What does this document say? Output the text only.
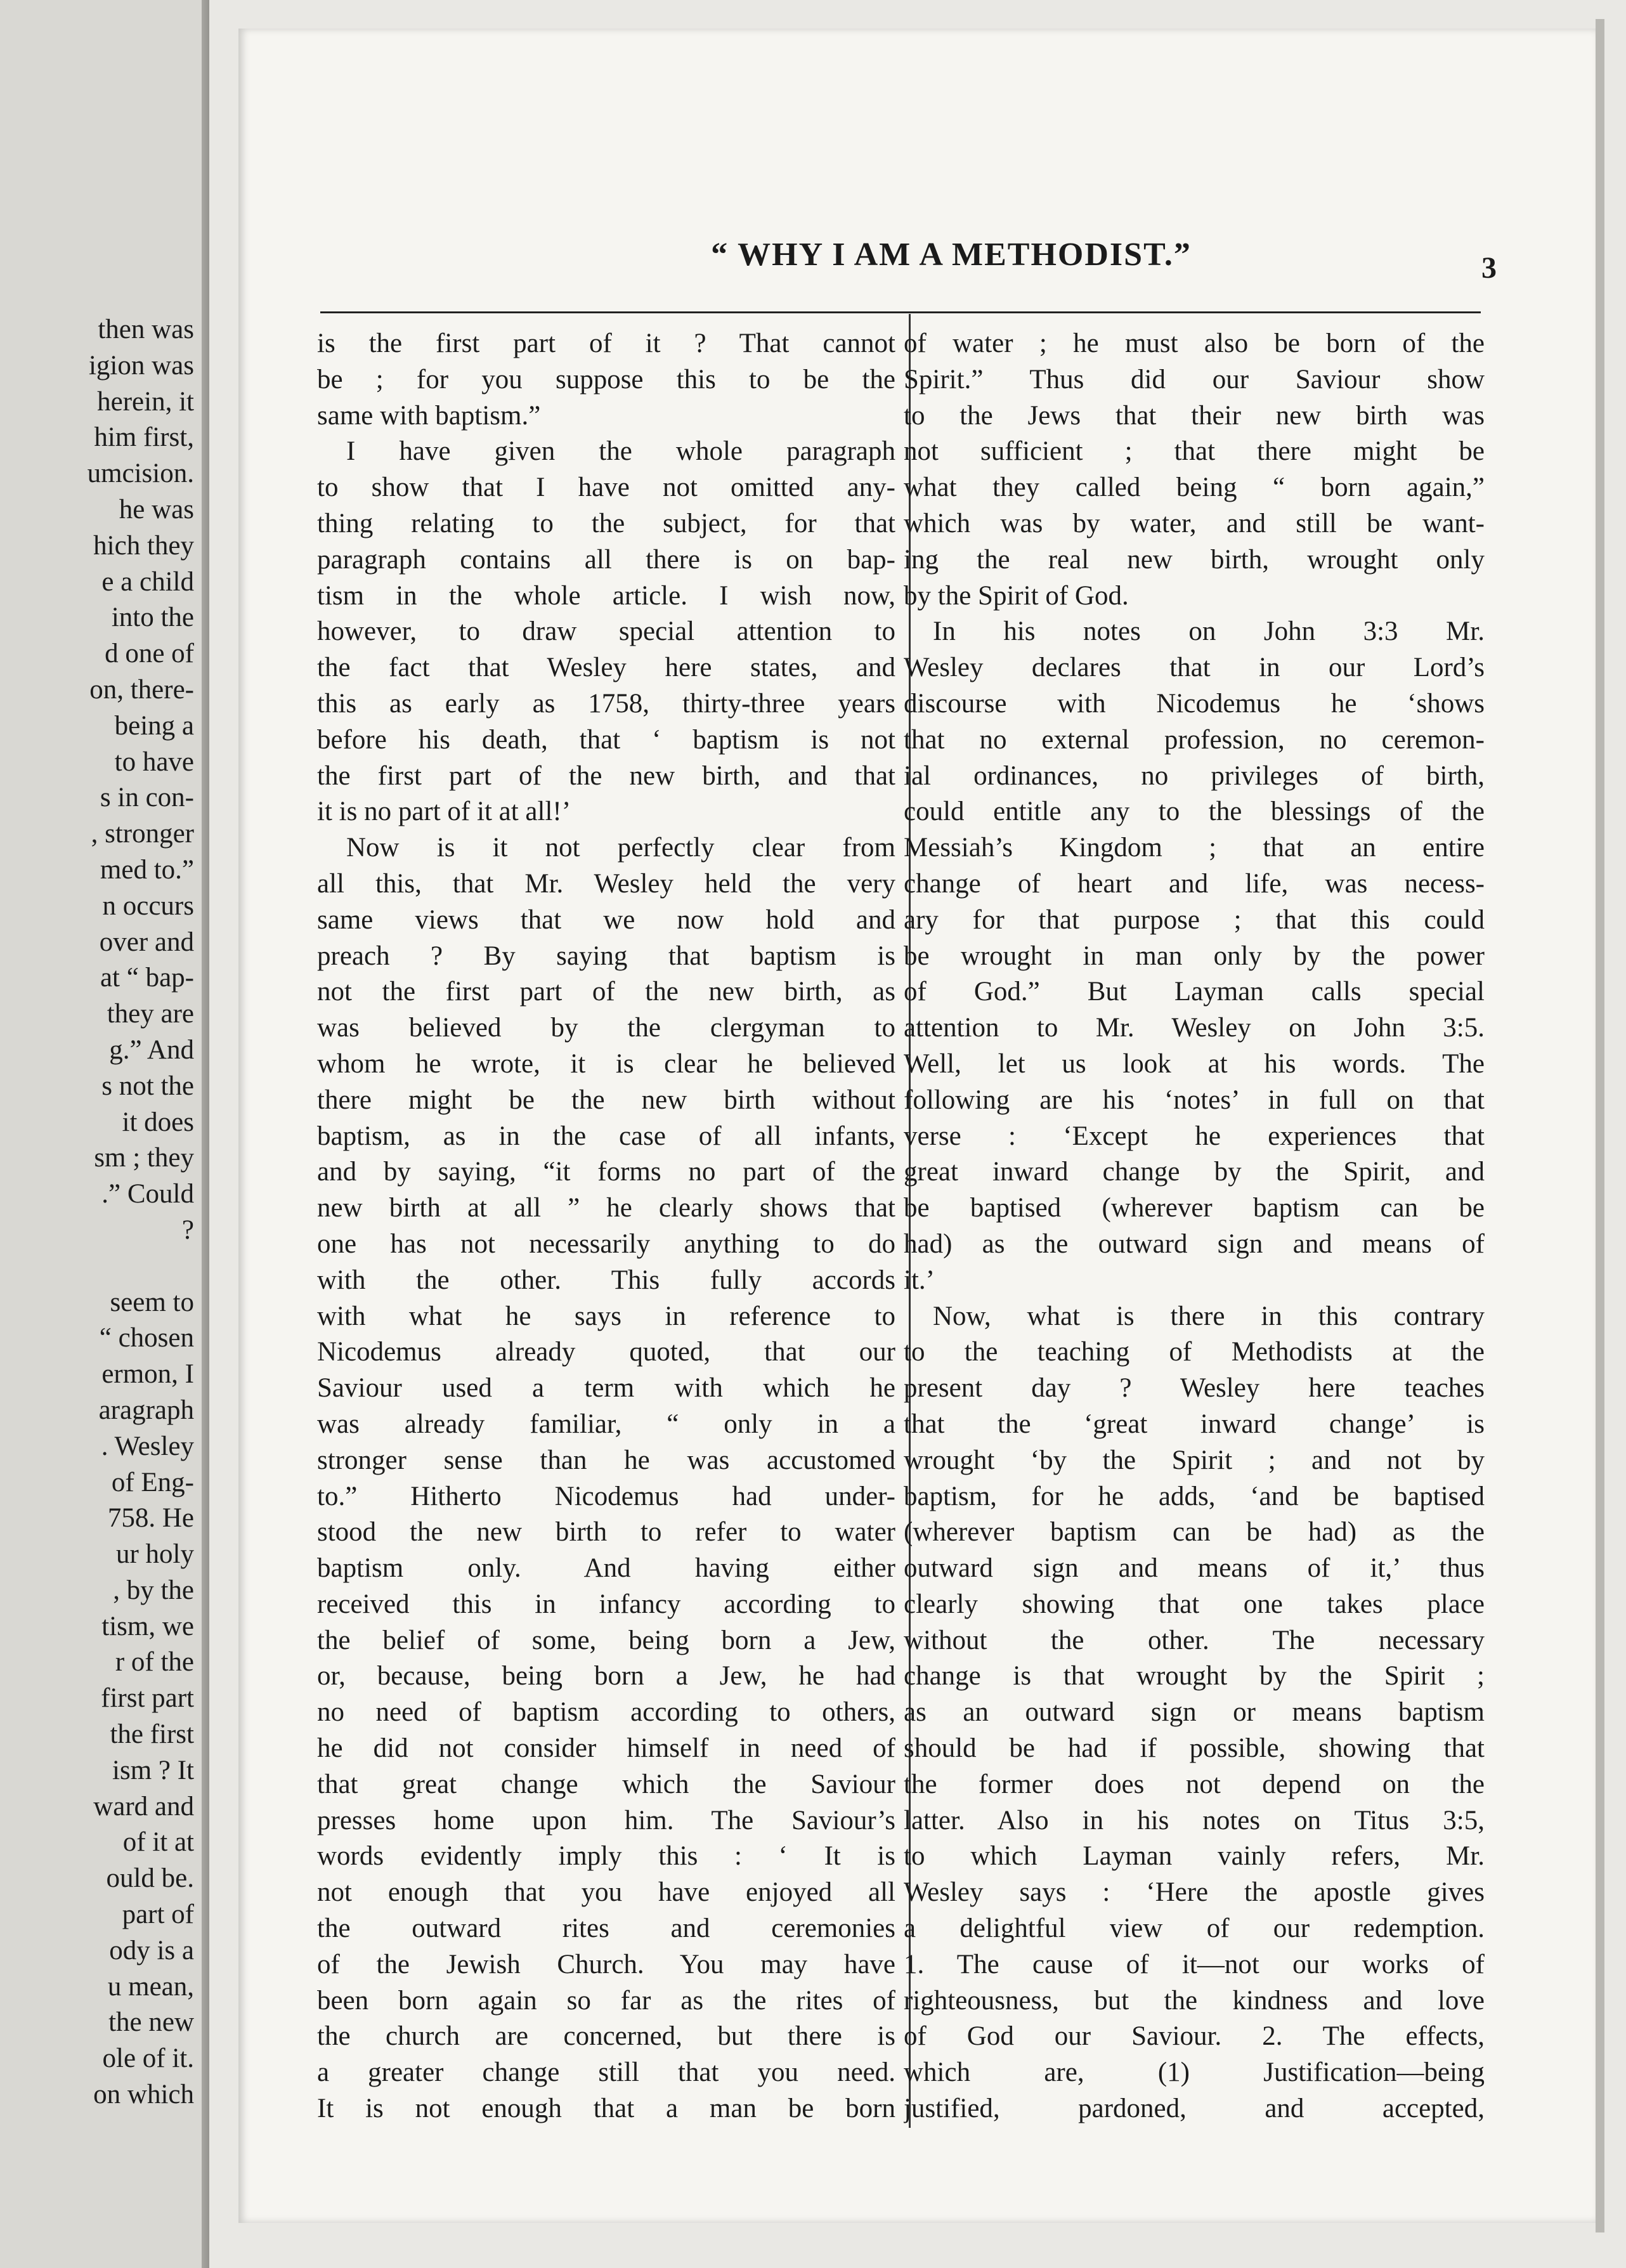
then was
igion was
herein, it
him first,
umcision.
he was
hich they
e a child
into the
d one of
on, there-
being a
to have
s in con-
, stronger
med to.”
n occurs
over and
at “ bap-
they are
g.” And
s not the
it does
sm ; they
.” Could
?
seem to
“ chosen
ermon, I
aragraph
. Wesley
of Eng-
758. He
ur holy
, by the
tism, we
r of the
first part
the first
ism ? It
ward and
of it at
ould be.
part of
ody is a
u mean,
the new
ole of it.
on which
“ WHY I AM A METHODIST.”	3
is the first part of it ? That cannot
be ; for you suppose this to be the
same with baptism.”
I have given the whole paragraph
to show that I have not omitted any-
thing relating to the subject, for that
paragraph contains all there is on bap-
tism in the whole article. I wish now,
however, to draw special attention to
the fact that Wesley here states, and
this as early as 1758, thirty-three years
before his death, that ‘ baptism is not
the first part of the new birth, and that
it is no part of it at all!’
Now is it not perfectly clear from
all this, that Mr. Wesley held the very
same views that we now hold and
preach ? By saying that baptism is
not the first part of the new birth, as
was believed by the clergyman to
whom he wrote, it is clear he believed
there might be the new birth without
baptism, as in the case of all infants,
and by saying, “it forms no part of the
new birth at all ” he clearly shows that
one has not necessarily anything to do
with the other. This fully accords
with what he says in reference to
Nicodemus already quoted, that our
Saviour used a term with which he
was already familiar, “ only in a
stronger sense than he was accustomed
to.” Hitherto Nicodemus had under-
stood the new birth to refer to water
baptism only. And having either
received this in infancy according to
the belief of some, being born a Jew,
or, because, being born a Jew, he had
no need of baptism according to others,
he did not consider himself in need of
that great change which the Saviour
presses home upon him. The Saviour’s
words evidently imply this : ‘ It is
not enough that you have enjoyed all
the outward rites and ceremonies
of the Jewish Church. You may have
been born again so far as the rites of
the church are concerned, but there is
a greater change still that you need.
It is not enough that a man be born
of water ; he must also be born of the
Spirit.” Thus did our Saviour show
to the Jews that their new birth was
not sufficient ; that there might be
what they called being “ born again,”
which was by water, and still be want-
ing the real new birth, wrought only
by the Spirit of God.
In his notes on John 3:3 Mr.
Wesley declares that in our Lord’s
discourse with Nicodemus he ‘shows
that no external profession, no ceremon-
ial ordinances, no privileges of birth,
could entitle any to the blessings of the
Messiah’s Kingdom ; that an entire
change of heart and life, was necess-
ary for that purpose ; that this could
be wrought in man only by the power
of God.” But Layman calls special
attention to Mr. Wesley on John 3:5.
Well, let us look at his words. The
following are his ‘notes’ in full on that
verse : ‘Except he experiences that
great inward change by the Spirit, and
be baptised (wherever baptism can be
had) as the outward sign and means of
it.’
Now, what is there in this contrary
to the teaching of Methodists at the
present day ? Wesley here teaches
that the ‘great inward change’ is
wrought ‘by the Spirit ; and not by
baptism, for he adds, ‘and be baptised
(wherever baptism can be had) as the
outward sign and means of it,’ thus
clearly showing that one takes place
without the other. The necessary
change is that wrought by the Spirit ;
as an outward sign or means baptism
should be had if possible, showing that
the former does not depend on the
latter. Also in his notes on Titus 3:5,
to which Layman vainly refers, Mr.
Wesley says : ‘Here the apostle gives
a delightful view of our redemption.
1. The cause of it—not our works of
righteousness, but the kindness and love
of God our Saviour. 2. The effects,
which are, (1) Justification—being
justified, pardoned, and accepted,
